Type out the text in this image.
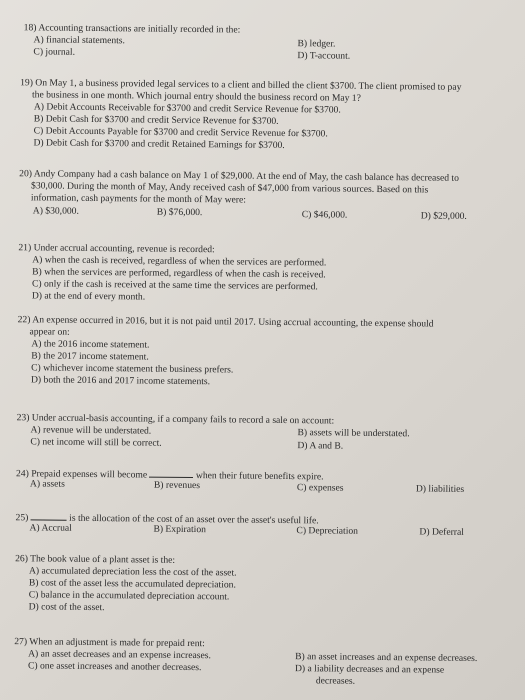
18) Accounting transactions are initially recorded in the:
A) financial statements.	B) ledger.
C) journal.	D) T-account.
19) On May 1, a business provided legal services to a client and billed the client $3700. The client promised to pay
the business in one month. Which journal entry should the business record on May 1?
A) Debit Accounts Receivable for $3700 and credit Service Revenue for $3700.
B) Debit Cash for $3700 and credit Service Revenue for $3700.
C) Debit Accounts Payable for $3700 and credit Service Revenue for $3700.
D) Debit Cash for $3700 and credit Retained Earnings for $3700.
20) Andy Company had a cash balance on May 1 of $29,000. At the end of May, the cash balance has decreased to
$30,000. During the month of May, Andy received cash of $47,000 from various sources. Based on this
information, cash payments for the month of May were:
A) $30,000.	B) $76,000.	C) $46,000.	D) $29,000.
21) Under accrual accounting, revenue is recorded:
A) when the cash is received, regardless of when the services are performed.
B) when the services are performed, regardless of when the cash is received.
C) only if the cash is received at the same time the services are performed.
D) at the end of every month.
22) An expense occurred in 2016, but it is not paid until 2017. Using accrual accounting, the expense should
appear on:
A) the 2016 income statement.
B) the 2017 income statement.
C) whichever income statement the business prefers.
D) both the 2016 and 2017 income statements.
23) Under accrual-basis accounting, if a company fails to record a sale on account:
A) revenue will be understated.	B) assets will be understated.
C) net income will still be correct.	D) A and B.
24) Prepaid expenses will become	when their future benefits expire.
A) assets	B) revenues	C) expenses	D) liabilities
25)	is the allocation of the cost of an asset over the asset's useful life.
A) Accrual	B) Expiration	C) Depreciation	D) Deferral
26) The book value of a plant asset is the:
A) accumulated depreciation less the cost of the asset.
B) cost of the asset less the accumulated depreciation.
C) balance in the accumulated depreciation account.
D) cost of the asset.
27) When an adjustment is made for prepaid rent:
A) an asset decreases and an expense increases.	B) an asset increases and an expense decreases.
C) one asset increases and another decreases.	D) a liability decreases and an expense
decreases.
